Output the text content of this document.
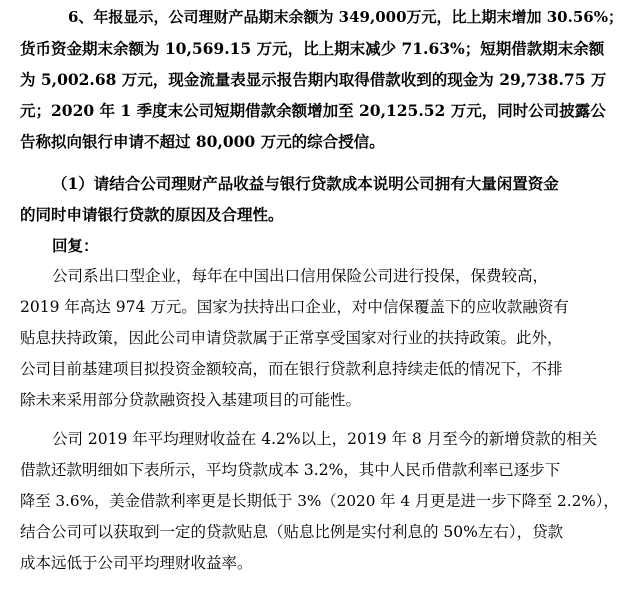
6、年报显示，公司理财产品期末余额为 349,000万元，比上期末增加 30.56%；
货币资金期末余额为 10,569.15 万元，比上期末减少 71.63%；短期借款期末余额
为 5,002.68 万元，现金流量表显示报告期内取得借款收到的现金为 29,738.75 万
元；2020 年 1 季度末公司短期借款余额增加至 20,125.52 万元，同时公司披露公
告称拟向银行申请不超过 80,000 万元的综合授信。
（1）请结合公司理财产品收益与银行贷款成本说明公司拥有大量闲置资金
的同时申请银行贷款的原因及合理性。
回复：
公司系出口型企业，每年在中国出口信用保险公司进行投保，保费较高，
2019 年高达 974 万元。国家为扶持出口企业，对中信保覆盖下的应收款融资有
贴息扶持政策，因此公司申请贷款属于正常享受国家对行业的扶持政策。此外，
公司目前基建项目拟投资金额较高，而在银行贷款利息持续走低的情况下，不排
除未来采用部分贷款融资投入基建项目的可能性。
公司 2019 年平均理财收益在 4.2%以上，2019 年 8 月至今的新增贷款的相关
借款还款明细如下表所示，平均贷款成本 3.2%，其中人民币借款利率已逐步下
降至 3.6%，美金借款利率更是长期低于 3%（2020 年 4 月更是进一步下降至 2.2%），
结合公司可以获取到一定的贷款贴息（贴息比例是实付利息的 50%左右），贷款
成本远低于公司平均理财收益率。
